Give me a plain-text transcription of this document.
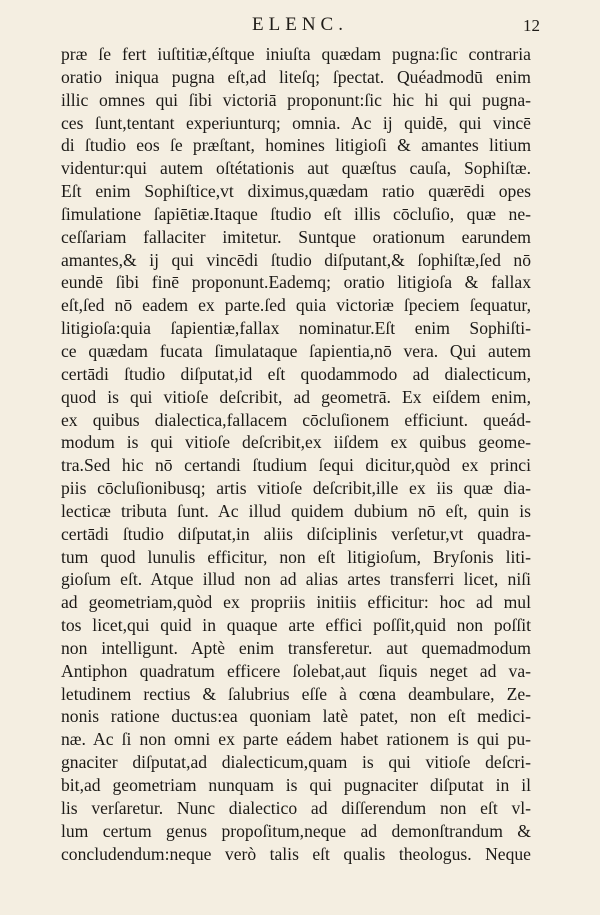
ELENC.	12
præ ſe fert iuſtitiæ,éſtque iniuſta quædam pugna:ſic contraria
oratio iniqua pugna eſt,ad liteſq; ſpectat. Quéadmodū enim
illic omnes qui ſibi victoriā proponunt:ſic hic hi qui pugna-
ces ſunt,tentant experiunturq; omnia. Ac ij quidē, qui vincē
di ſtudio eos ſe præſtant, homines litigioſi & amantes litium
videntur:qui autem oſtétationis aut quæſtus cauſa, Sophiſtæ.
Eſt enim Sophiſtice,vt diximus,quædam ratio quærēdi opes
ſimulatione ſapiētiæ.Itaque ſtudio eſt illis cōcluſio, quæ ne-
ceſſariam fallaciter imitetur. Suntque orationum earundem
amantes,& ij qui vincēdi ſtudio diſputant,& ſophiſtæ,ſed nō
eundē ſibi finē proponunt.Eademq; oratio litigioſa & fallax
eſt,ſed nō eadem ex parte.ſed quia victoriæ ſpeciem ſequatur,
litigioſa:quia ſapientiæ,fallax nominatur.Eſt enim Sophiſti-
ce quædam fucata ſimulataque ſapientia,nō vera. Qui autem
certādi ſtudio diſputat,id eſt quodammodo ad dialecticum,
quod is qui vitioſe deſcribit, ad geometrā. Ex eiſdem enim,
ex quibus dialectica,fallacem cōcluſionem efficiunt. queád-
modum is qui vitioſe deſcribit,ex iiſdem ex quibus geome-
tra.Sed hic nō certandi ſtudium ſequi dicitur,quòd ex princi
piis cōcluſionibusq; artis vitioſe deſcribit,ille ex iis quæ dia-
lecticæ tributa ſunt. Ac illud quidem dubium nō eſt, quin is
certādi ſtudio diſputat,in aliis diſciplinis verſetur,vt quadra-
tum quod lunulis efficitur, non eſt litigioſum, Bryſonis liti-
gioſum eſt. Atque illud non ad alias artes transferri licet, niſi
ad geometriam,quòd ex propriis initiis efficitur: hoc ad mul
tos licet,qui quid in quaque arte effici poſſit,quid non poſſit
non intelligunt. Aptè enim transferetur. aut quemadmodum
Antiphon quadratum efficere ſolebat,aut ſiquis neget ad va-
letudinem rectius & ſalubrius eſſe à cœna deambulare, Ze-
nonis ratione ductus:ea quoniam latè patet, non eſt medici-
næ. Ac ſi non omni ex parte eádem habet rationem is qui pu-
gnaciter diſputat,ad dialecticum,quam is qui vitioſe deſcri-
bit,ad geometriam nunquam is qui pugnaciter diſputat in il
lis verſaretur. Nunc dialectico ad diſſerendum non eſt vl-
lum certum genus propoſitum,neque ad demonſtrandum &
concludendum:neque verò talis eſt qualis theologus. Neque
